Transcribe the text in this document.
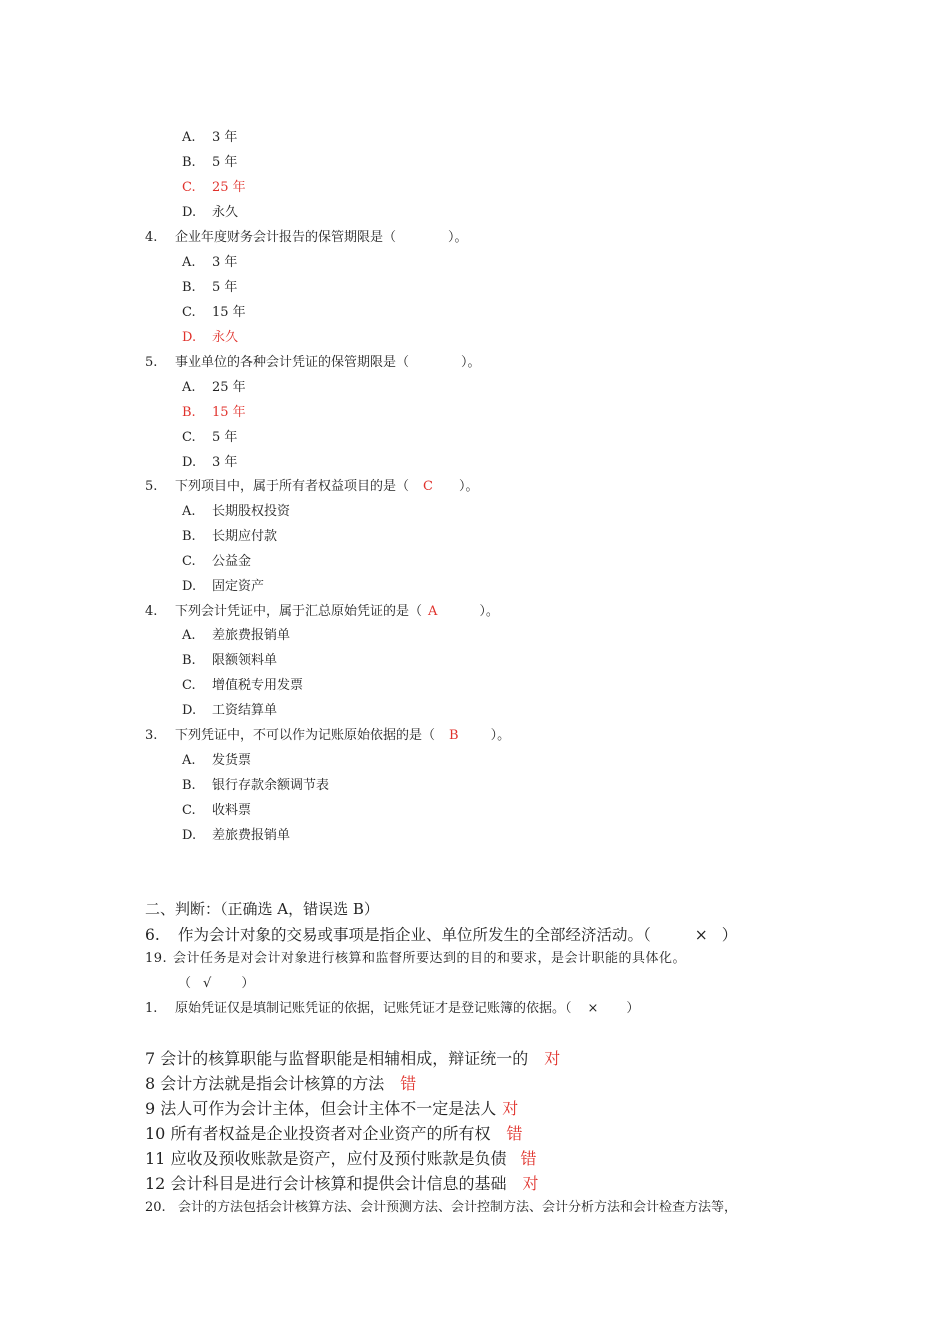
A. 3 年
B. 5 年
C. 25 年
D. 永久
4. 企业年度财务会计报告的保管期限是（	）。
A. 3 年
B. 5 年
C. 15 年
D. 永久
5. 事业单位的各种会计凭证的保管期限是（	）。
A. 25 年
B. 15 年
C. 5 年
D. 3 年
5. 下列项目中，属于所有者权益项目的是（ C ）。
A. 长期股权投资
B. 长期应付款
C. 公益金
D. 固定资产
4. 下列会计凭证中，属于汇总原始凭证的是（ A	）。
A. 差旅费报销单
B. 限额领料单
C. 增值税专用发票
D. 工资结算单
3. 下列凭证中，不可以作为记账原始依据的是（ B ）。
A. 发货票
B. 银行存款余额调节表
C. 收料票
D. 差旅费报销单
二、判断：（正确选 A，错误选 B）
6. 作为会计对象的交易或事项是指企业、单位所发生的全部经济活动。（	× ）
19. 会计任务是对会计对象进行核算和监督所要达到的目的和要求，是会计职能的具体化。
（ √ ）
1. 原始凭证仅是填制记账凭证的依据，记账凭证才是登记账簿的依据。（ × ）
7 会计的核算职能与监督职能是相辅相成，辩证统一的 对
8 会计方法就是指会计核算的方法 错
9 法人可作为会计主体，但会计主体不一定是法人 对
10 所有者权益是企业投资者对企业资产的所有权 错
11 应收及预收账款是资产，应付及预付账款是负债 错
12 会计科目是进行会计核算和提供会计信息的基础 对
20. 会计的方法包括会计核算方法、会计预测方法、会计控制方法、会计分析方法和会计检查方法等，
